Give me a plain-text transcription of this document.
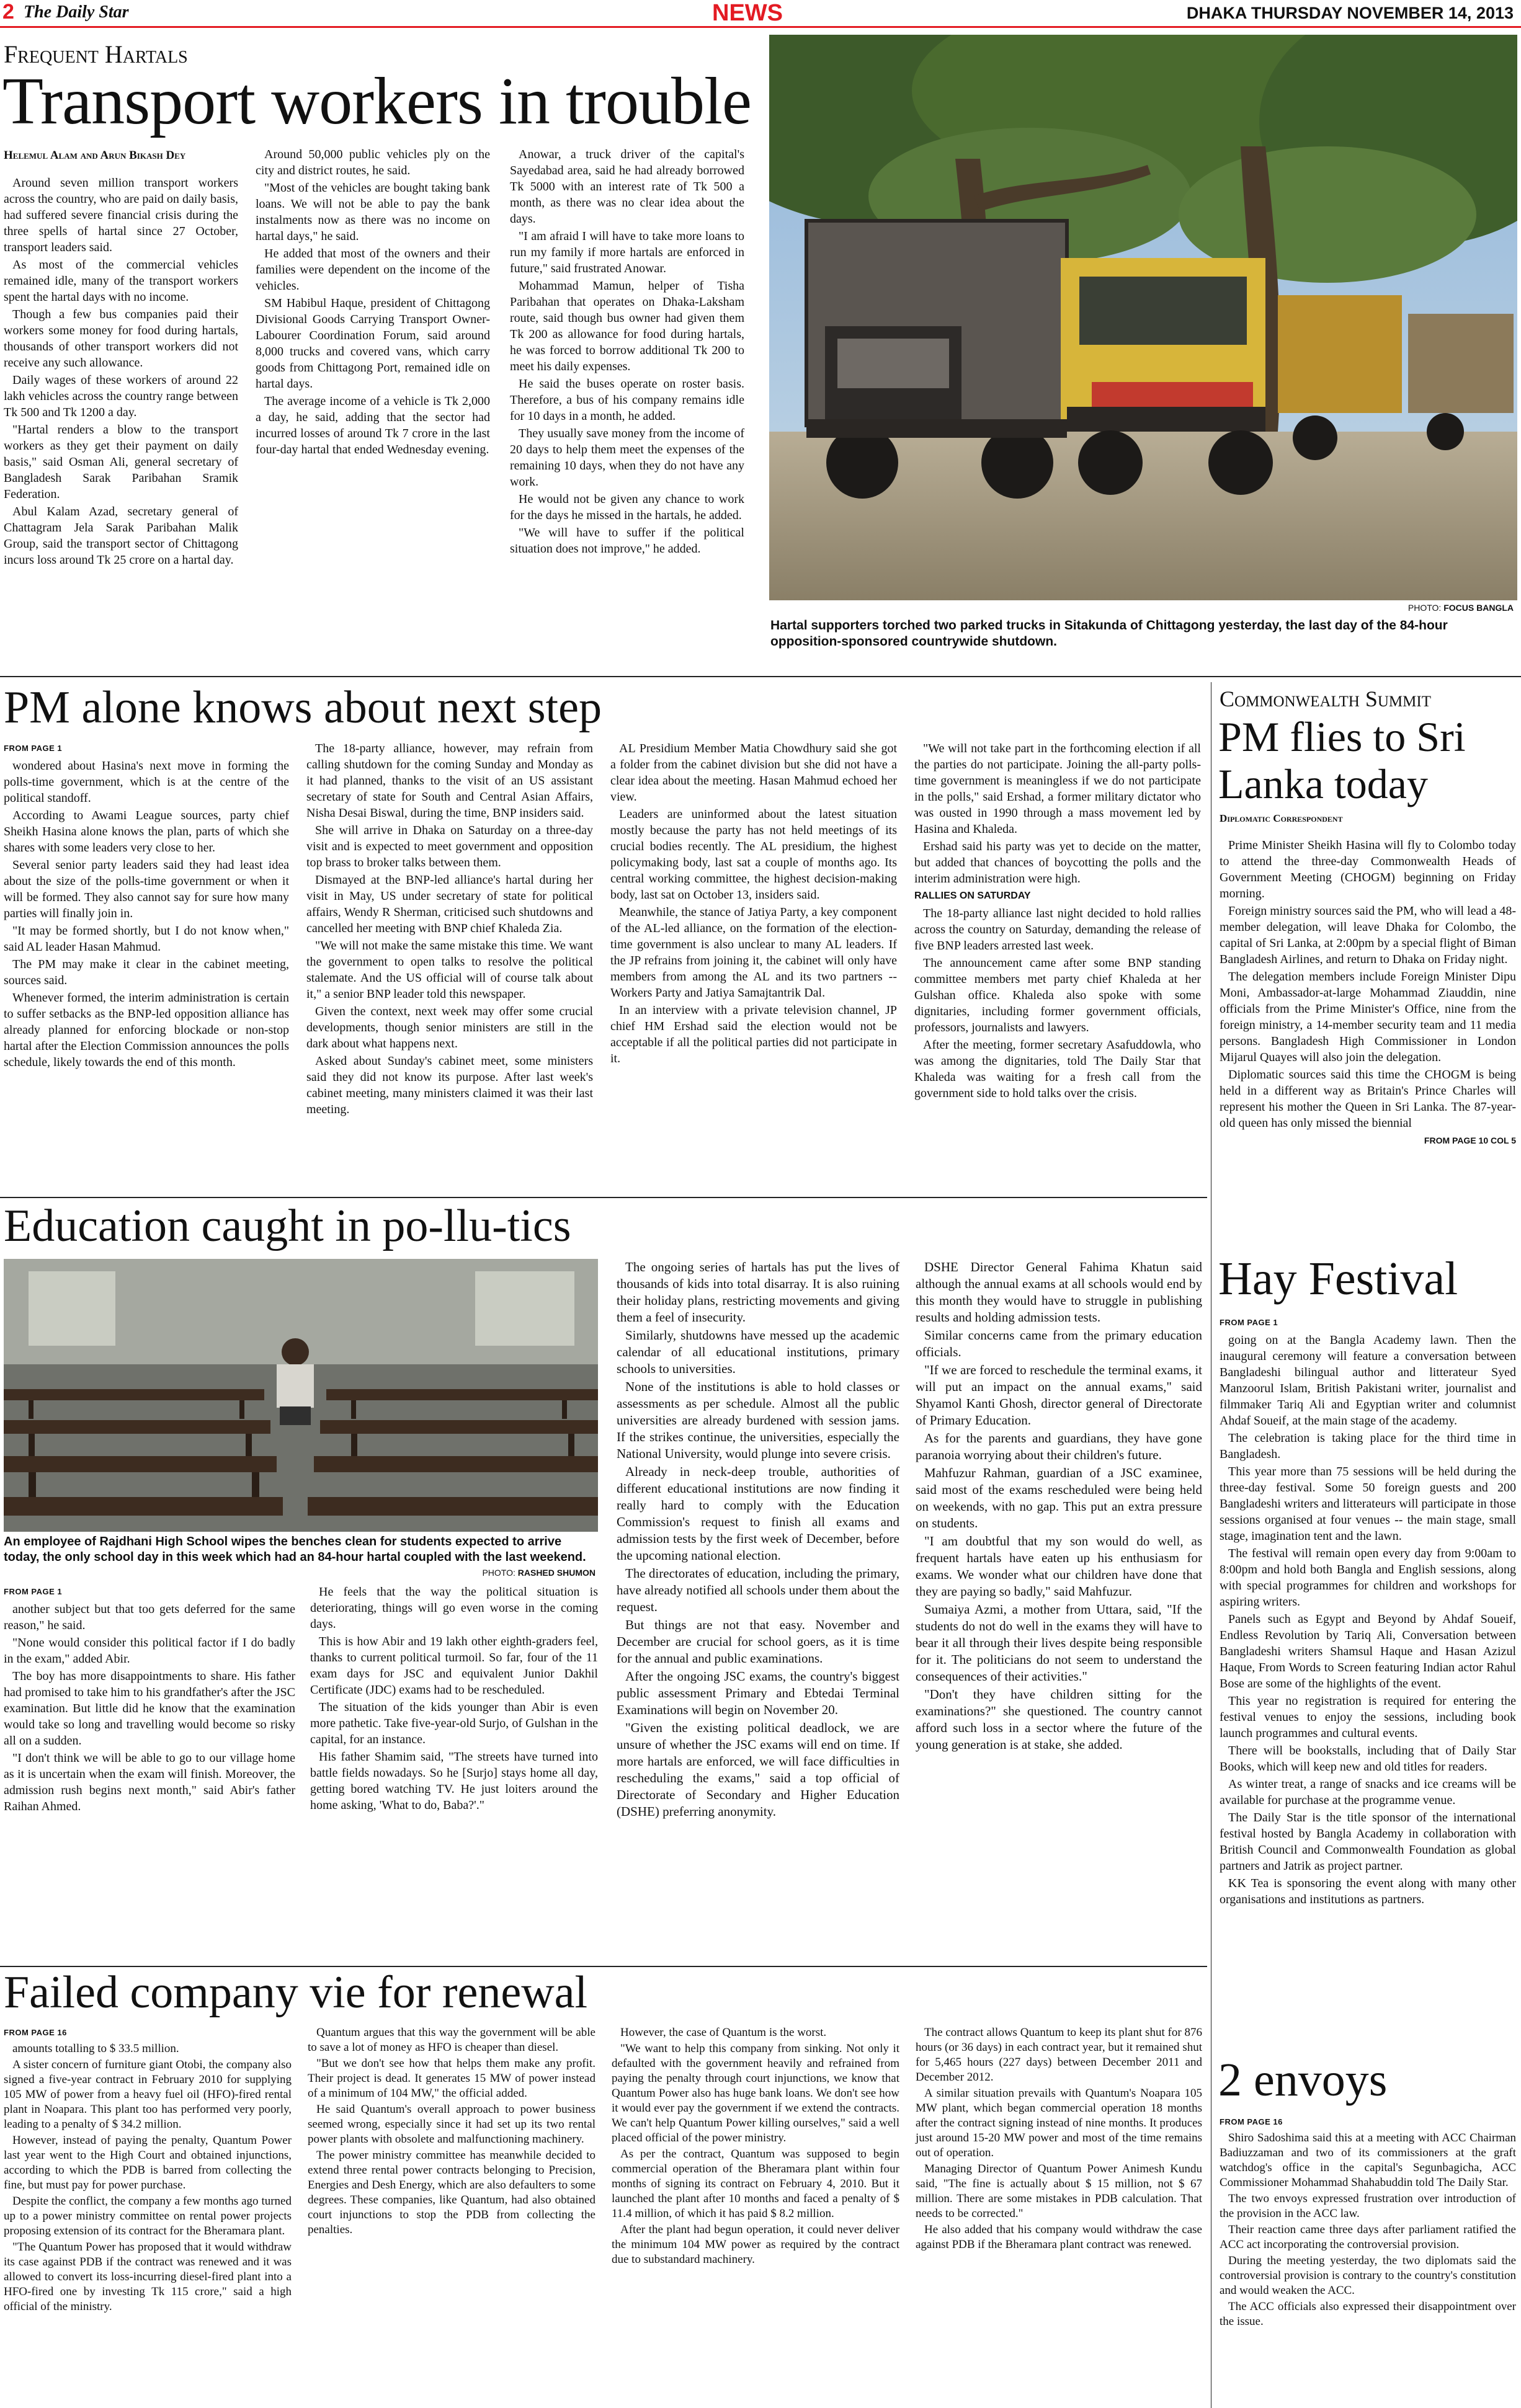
2 The Daily Star	NEWS	DHAKA THURSDAY NOVEMBER 14, 2013
Frequent Hartals
Transport workers in trouble
Helemul Alam and Arun Bikash Dey

Around seven million transport workers across the country, who are paid on daily basis, had suffered severe financial crisis during the three spells of hartal since 27 October, transport leaders said.

As most of the commercial vehicles remained idle, many of the transport workers spent the hartal days with no income.

Though a few bus companies paid their workers some money for food during hartals, thousands of other transport workers did not receive any such allowance.

Daily wages of these workers of around 22 lakh vehicles across the country range between Tk 500 and Tk 1200 a day.

"Hartal renders a blow to the transport workers as they get their payment on daily basis," said Osman Ali, general secretary of Bangladesh Sarak Paribahan Sramik Federation.

Abul Kalam Azad, secretary general of Chattagram Jela Sarak Paribahan Malik Group, said the transport sector of Chittagong incurs loss around Tk 25 crore on a hartal day.

Around 50,000 public vehicles ply on the city and district routes, he said.

"Most of the vehicles are bought taking bank loans. We will not be able to pay the bank instalments now as there was no income on hartal days," he said.

He added that most of the owners and their families were dependent on the income of the vehicles.

SM Habibul Haque, president of Chittagong Divisional Goods Carrying Transport Owner-Labourer Coordination Forum, said around 8,000 trucks and covered vans, which carry goods from Chittagong Port, remained idle on hartal days.

The average income of a vehicle is Tk 2,000 a day, he said, adding that the sector had incurred losses of around Tk 7 crore in the last four-day hartal that ended Wednesday evening.

Anowar, a truck driver of the capital's Sayedabad area, said he had already borrowed Tk 5000 with an interest rate of Tk 500 a month, as there was no clear idea about the days.

"I am afraid I will have to take more loans to run my family if more hartals are enforced in future," said frustrated Anowar.

Mohammad Mamun, helper of Tisha Paribahan that operates on Dhaka-Laksham route, said though bus owner had given them Tk 200 as allowance for food during hartals, he was forced to borrow additional Tk 200 to meet his daily expenses.

He said the buses operate on roster basis. Therefore, a bus of his company remains idle for 10 days in a month, he added.

They usually save money from the income of 20 days to help them meet the expenses of the remaining 10 days, when they do not have any work.

He would not be given any chance to work for the days he missed in the hartals, he added.

"We will have to suffer if the political situation does not improve," he added.

PHOTO: FOCUS BANGLA
Hartal supporters torched two parked trucks in Sitakunda of Chittagong yesterday, the last day of the 84-hour opposition-sponsored countrywide shutdown.
PM alone knows about next step
FROM PAGE 1

wondered about Hasina's next move in forming the polls-time government, which is at the centre of the political standoff.

According to Awami League sources, party chief Sheikh Hasina alone knows the plan, parts of which she shares with some leaders very close to her.

Several senior party leaders said they had least idea about the size of the polls-time government or when it will be formed. They also cannot say for sure how many parties will finally join in.

"It may be formed shortly, but I do not know when," said AL leader Hasan Mahmud.

The PM may make it clear in the cabinet meeting, sources said.

Whenever formed, the interim administration is certain to suffer setbacks as the BNP-led opposition alliance has already planned for enforcing blockade or non-stop hartal after the Election Commission announces the polls schedule, likely towards the end of this month.

The 18-party alliance, however, may refrain from calling shutdown for the coming Sunday and Monday as it had planned, thanks to the visit of an US assistant secretary of state for South and Central Asian Affairs, Nisha Desai Biswal, during the time, BNP insiders said.

She will arrive in Dhaka on Saturday on a three-day visit and is expected to meet government and opposition top brass to broker talks between them.

Dismayed at the BNP-led alliance's hartal during her visit in May, US under secretary of state for political affairs, Wendy R Sherman, criticised such shutdowns and cancelled her meeting with BNP chief Khaleda Zia.

"We will not make the same mistake this time. We want the government to open talks to resolve the political stalemate. And the US official will of course talk about it," a senior BNP leader told this newspaper.

Given the context, next week may offer some crucial developments, though senior ministers are still in the dark about what happens next.

Asked about Sunday's cabinet meet, some ministers said they did not know its purpose. After last week's cabinet meeting, many ministers claimed it was their last meeting.

AL Presidium Member Matia Chowdhury said she got a folder from the cabinet division but she did not have a clear idea about the meeting. Hasan Mahmud echoed her view.

Leaders are uninformed about the latest situation mostly because the party has not held meetings of its crucial bodies recently. The AL presidium, the highest policymaking body, last sat a couple of months ago. Its central working committee, the highest decision-making body, last sat on October 13, insiders said.

Meanwhile, the stance of Jatiya Party, a key component of the AL-led alliance, on the formation of the election-time government is also unclear to many AL leaders. If the JP refrains from joining it, the cabinet will only have members from among the AL and its two partners -- Workers Party and Jatiya Samajtantrik Dal.

In an interview with a private television channel, JP chief HM Ershad said the election would not be acceptable if all the political parties did not participate in it.

"We will not take part in the forthcoming election if all the parties do not participate. Joining the all-party polls-time government is meaningless if we do not participate in the polls," said Ershad, a former military dictator who was ousted in 1990 through a mass movement led by Hasina and Khaleda.

Ershad said his party was yet to decide on the matter, but added that chances of boycotting the polls and the interim administration were high.

RALLIES ON SATURDAY

The 18-party alliance last night decided to hold rallies across the country on Saturday, demanding the release of five BNP leaders arrested last week.

The announcement came after some BNP standing committee members met party chief Khaleda at her Gulshan office. Khaleda also spoke with some dignitaries, including former government officials, professors, journalists and lawyers.

After the meeting, former secretary Asafuddowla, who was among the dignitaries, told The Daily Star that Khaleda was waiting for a fresh call from the government side to hold talks over the crisis.

Commonwealth Summit
PM flies to Sri Lanka today
Diplomatic Correspondent

Prime Minister Sheikh Hasina will fly to Colombo today to attend the three-day Commonwealth Heads of Government Meeting (CHOGM) beginning on Friday morning.

Foreign ministry sources said the PM, who will lead a 48-member delegation, will leave Dhaka for Colombo, the capital of Sri Lanka, at 2:00pm by a special flight of Biman Bangladesh Airlines, and return to Dhaka on Friday night.

The delegation members include Foreign Minister Dipu Moni, Ambassador-at-large Mohammad Ziauddin, nine officials from the Prime Minister's Office, nine from the foreign ministry, a 14-member security team and 11 media persons. Bangladesh High Commissioner in London Mijarul Quayes will also join the delegation.

Diplomatic sources said this time the CHOGM is being held in a different way as Britain's Prince Charles will represent his mother the Queen in Sri Lanka. The 87-year-old queen has only missed the biennial

FROM PAGE 10 COL 5
Education caught in po-llu-tics
An employee of Rajdhani High School wipes the benches clean for students expected to arrive today, the only school day in this week which had an 84-hour hartal coupled with the last weekend.
PHOTO: RASHED SHUMON
FROM PAGE 1

another subject but that too gets deferred for the same reason," he said.

"None would consider this political factor if I do badly in the exam," added Abir.

The boy has more disappointments to share. His father had promised to take him to his grandfather's after the JSC examination. But little did he know that the examination would take so long and travelling would become so risky all on a sudden.

"I don't think we will be able to go to our village home as it is uncertain when the exam will finish. Moreover, the admission rush begins next month," said Abir's father Raihan Ahmed.

He feels that the way the political situation is deteriorating, things will go even worse in the coming days.

This is how Abir and 19 lakh other eighth-graders feel, thanks to current political turmoil. So far, four of the 11 exam days for JSC and equivalent Junior Dakhil Certificate (JDC) exams had to be rescheduled.

The situation of the kids younger than Abir is even more pathetic. Take five-year-old Surjo, of Gulshan in the capital, for an instance.

His father Shamim said, "The streets have turned into battle fields nowadays. So he [Surjo] stays home all day, getting bored watching TV. He just loiters around the home asking, 'What to do, Baba?'."

The ongoing series of hartals has put the lives of thousands of kids into total disarray. It is also ruining their holiday plans, restricting movements and giving them a feel of insecurity.

Similarly, shutdowns have messed up the academic calendar of all educational institutions, primary schools to universities.

None of the institutions is able to hold classes or assessments as per schedule. Almost all the public universities are already burdened with session jams. If the strikes continue, the universities, especially the National University, would plunge into severe crisis.

Already in neck-deep trouble, authorities of different educational institutions are now finding it really hard to comply with the Education Commission's request to finish all exams and admission tests by the first week of December, before the upcoming national election.

The directorates of education, including the primary, have already notified all schools under them about the request.

But things are not that easy. November and December are crucial for school goers, as it is time for the annual and public examinations.

After the ongoing JSC exams, the country's biggest public assessment Primary and Ebtedai Terminal Examinations will begin on November 20.

"Given the existing political deadlock, we are unsure of whether the JSC exams will end on time. If more hartals are enforced, we will face difficulties in rescheduling the exams," said a top official of Directorate of Secondary and Higher Education (DSHE) preferring anonymity.

DSHE Director General Fahima Khatun said although the annual exams at all schools would end by this month they would have to struggle in publishing results and holding admission tests.

Similar concerns came from the primary education officials.

"If we are forced to reschedule the terminal exams, it will put an impact on the annual exams," said Shyamol Kanti Ghosh, director general of Directorate of Primary Education.

As for the parents and guardians, they have gone paranoia worrying about their children's future.

Mahfuzur Rahman, guardian of a JSC examinee, said most of the exams rescheduled were being held on weekends, with no gap. This put an extra pressure on students.

"I am doubtful that my son would do well, as frequent hartals have eaten up his enthusiasm for exams. We wonder what our children have done that they are paying so badly," said Mahfuzur.

Sumaiya Azmi, a mother from Uttara, said, "If the students do not do well in the exams they will have to bear it all through their lives despite being responsible for it. The politicians do not seem to understand the consequences of their activities."

"Don't they have children sitting for the examinations?" she questioned. The country cannot afford such loss in a sector where the future of the young generation is at stake, she added.

Hay Festival
FROM PAGE 1

going on at the Bangla Academy lawn. Then the inaugural ceremony will feature a conversation between Bangladeshi bilingual author and litterateur Syed Manzoorul Islam, British Pakistani writer, journalist and filmmaker Tariq Ali and Egyptian writer and columnist Ahdaf Soueif, at the main stage of the academy.

The celebration is taking place for the third time in Bangladesh.

This year more than 75 sessions will be held during the three-day festival. Some 50 foreign guests and 200 Bangladeshi writers and litterateurs will participate in those sessions organised at four venues -- the main stage, small stage, imagination tent and the lawn.

The festival will remain open every day from 9:00am to 8:00pm and hold both Bangla and English sessions, along with special programmes for children and workshops for aspiring writers.

Panels such as Egypt and Beyond by Ahdaf Soueif, Endless Revolution by Tariq Ali, Conversation between Bangladeshi writers Shamsul Haque and Hasan Azizul Haque, From Words to Screen featuring Indian actor Rahul Bose are some of the highlights of the event.

This year no registration is required for entering the festival venues to enjoy the sessions, including book launch programmes and cultural events.

There will be bookstalls, including that of Daily Star Books, which will keep new and old titles for readers.

As winter treat, a range of snacks and ice creams will be available for purchase at the programme venue.

The Daily Star is the title sponsor of the international festival hosted by Bangla Academy in collaboration with British Council and Commonwealth Foundation as global partners and Jatrik as project partner.

KK Tea is sponsoring the event along with many other organisations and institutions as partners.

Failed company vie for renewal
FROM PAGE 16

amounts totalling to $ 33.5 million.

A sister concern of furniture giant Otobi, the company also signed a five-year contract in February 2010 for supplying 105 MW of power from a heavy fuel oil (HFO)-fired rental plant in Noapara. This plant too has performed very poorly, leading to a penalty of $ 34.2 million.

However, instead of paying the penalty, Quantum Power last year went to the High Court and obtained injunctions, according to which the PDB is barred from collecting the fine, but must pay for power purchase.

Despite the conflict, the company a few months ago turned up to a power ministry committee on rental power projects proposing extension of its contract for the Bheramara plant.

"The Quantum Power has proposed that it would withdraw its case against PDB if the contract was renewed and it was allowed to convert its loss-incurring diesel-fired plant into a HFO-fired one by investing Tk 115 crore," said a high official of the ministry.

Quantum argues that this way the government will be able to save a lot of money as HFO is cheaper than diesel.

"But we don't see how that helps them make any profit. Their project is dead. It generates 15 MW of power instead of a minimum of 104 MW," the official added.

He said Quantum's overall approach to power business seemed wrong, especially since it had set up its two rental power plants with obsolete and malfunctioning machinery.

The power ministry committee has meanwhile decided to extend three rental power contracts belonging to Precision, Energies and Desh Energy, which are also defaulters to some degrees. These companies, like Quantum, had also obtained court injunctions to stop the PDB from collecting the penalties.

However, the case of Quantum is the worst.

"We want to help this company from sinking. Not only it defaulted with the government heavily and refrained from paying the penalty through court injunctions, we know that Quantum Power also has huge bank loans. We don't see how it would ever pay the government if we extend the contracts. We can't help Quantum Power killing ourselves," said a well placed official of the power ministry.

As per the contract, Quantum was supposed to begin commercial operation of the Bheramara plant within four months of signing its contract on February 4, 2010. But it launched the plant after 10 months and faced a penalty of $ 11.4 million, of which it has paid $ 8.2 million.

After the plant had begun operation, it could never deliver the minimum 104 MW power as required by the contract due to substandard machinery.

The contract allows Quantum to keep its plant shut for 876 hours (or 36 days) in each contract year, but it remained shut for 5,465 hours (227 days) between December 2011 and December 2012.

A similar situation prevails with Quantum's Noapara 105 MW plant, which began commercial operation 18 months after the contract signing instead of nine months. It produces just around 15-20 MW power and most of the time remains out of operation.

Managing Director of Quantum Power Animesh Kundu said, "The fine is actually about $ 15 million, not $ 67 million. There are some mistakes in PDB calculation. That needs to be corrected."

He also added that his company would withdraw the case against PDB if the Bheramara plant contract was renewed.

2 envoys
FROM PAGE 16

Shiro Sadoshima said this at a meeting with ACC Chairman Badiuzzaman and two of its commissioners at the graft watchdog's office in the capital's Segunbagicha, ACC Commissioner Mohammad Shahabuddin told The Daily Star.

The two envoys expressed frustration over introduction of the provision in the ACC law.

Their reaction came three days after parliament ratified the ACC act incorporating the controversial provision.

During the meeting yesterday, the two diplomats said the controversial provision is contrary to the country's constitution and would weaken the ACC.

The ACC officials also expressed their disappointment over the issue.
